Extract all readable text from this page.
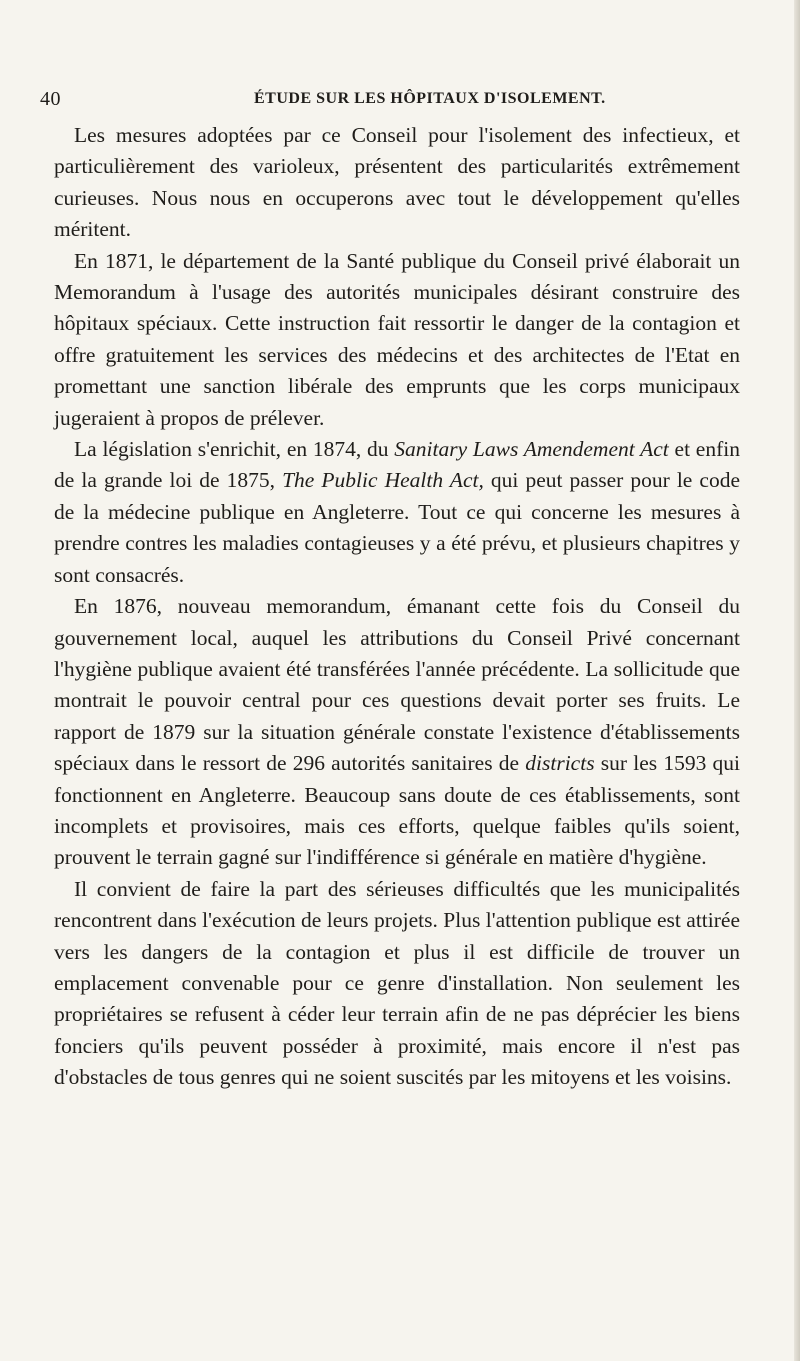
40	ÉTUDE SUR LES HÔPITAUX D'ISOLEMENT.

Les mesures adoptées par ce Conseil pour l'isolement des infectieux, et particulièrement des varioleux, présentent des particularités extrêmement curieuses. Nous nous en occuperons avec tout le développement qu'elles méritent.

En 1871, le département de la Santé publique du Conseil privé élaborait un Memorandum à l'usage des autorités municipales désirant construire des hôpitaux spéciaux. Cette instruction fait ressortir le danger de la contagion et offre gratuitement les services des médecins et des architectes de l'Etat en promettant une sanction libérale des emprunts que les corps municipaux jugeraient à propos de prélever.

La législation s'enrichit, en 1874, du Sanitary Laws Amendement Act et enfin de la grande loi de 1875, The Public Health Act, qui peut passer pour le code de la médecine publique en Angleterre. Tout ce qui concerne les mesures à prendre contres les maladies contagieuses y a été prévu, et plusieurs chapitres y sont consacrés.

En 1876, nouveau memorandum, émanant cette fois du Conseil du gouvernement local, auquel les attributions du Conseil Privé concernant l'hygiène publique avaient été transférées l'année précédente. La sollicitude que montrait le pouvoir central pour ces questions devait porter ses fruits. Le rapport de 1879 sur la situation générale constate l'existence d'établissements spéciaux dans le ressort de 296 autorités sanitaires de districts sur les 1593 qui fonctionnent en Angleterre. Beaucoup sans doute de ces établissements, sont incomplets et provisoires, mais ces efforts, quelque faibles qu'ils soient, prouvent le terrain gagné sur l'indifférence si générale en matière d'hygiène.

Il convient de faire la part des sérieuses difficultés que les municipalités rencontrent dans l'exécution de leurs projets. Plus l'attention publique est attirée vers les dangers de la contagion et plus il est difficile de trouver un emplacement convenable pour ce genre d'installation. Non seulement les propriétaires se refusent à céder leur terrain afin de ne pas déprécier les biens fonciers qu'ils peuvent posséder à proximité, mais encore il n'est pas d'obstacles de tous genres qui ne soient suscités par les mitoyens et les voisins.
